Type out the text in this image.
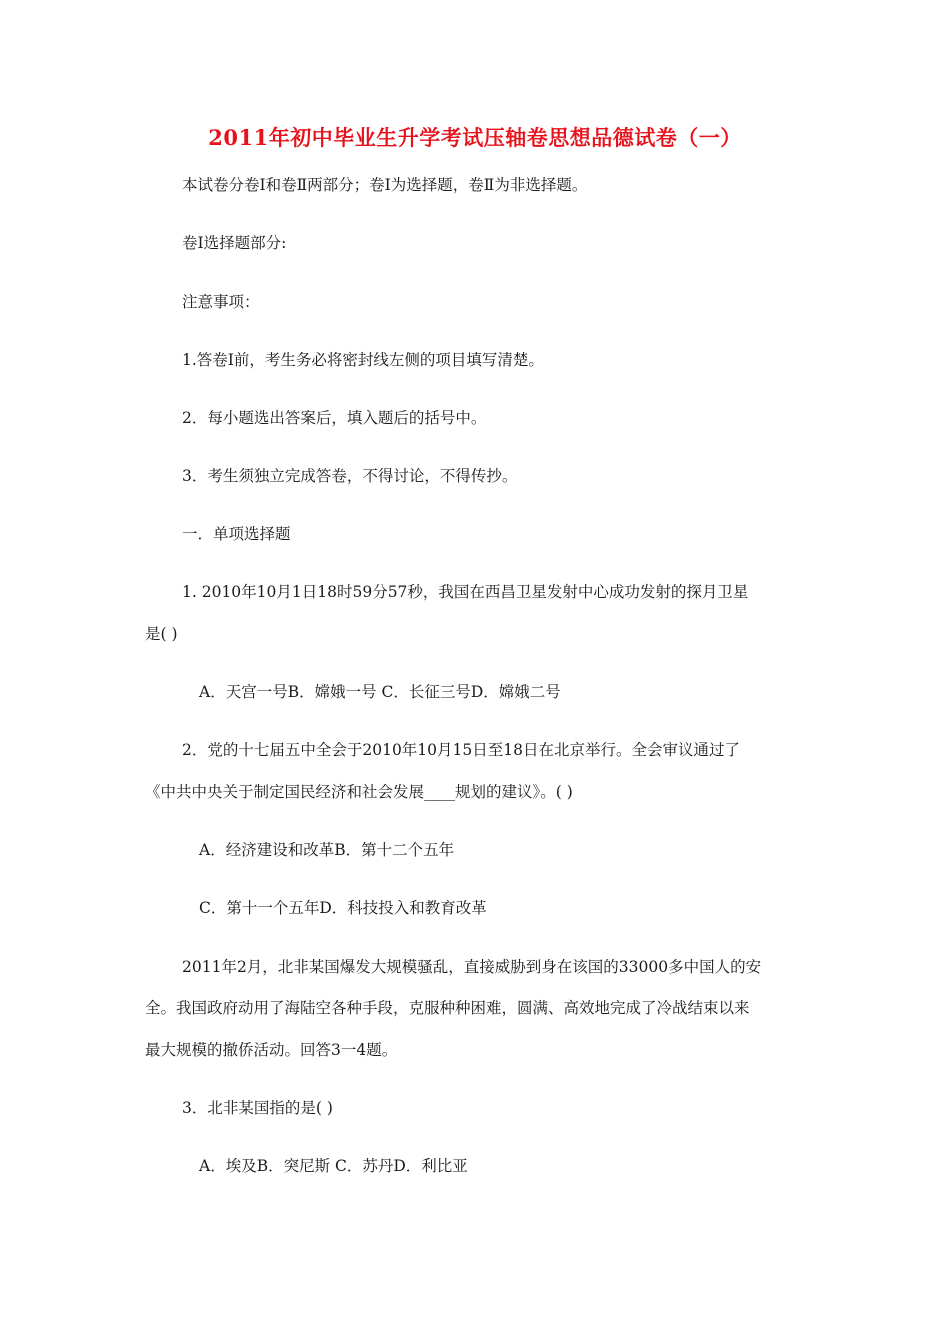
2011年初中毕业生升学考试压轴卷思想品德试卷（一）
本试卷分卷Ⅰ和卷Ⅱ两部分；卷Ⅰ为选择题，卷Ⅱ为非选择题。
卷Ⅰ选择题部分:
注意事项：
1.答卷Ⅰ前，考生务必将密封线左侧的项目填写清楚。
2．每小题选出答案后，填入题后的括号中。
3．考生须独立完成答卷，不得讨论，不得传抄。
一．单项选择题
1. 2010年10月1日18时59分57秒，我国在西昌卫星发射中心成功发射的探月卫星
是( )
A．天宫一号B．嫦娥一号 C．长征三号D．嫦娥二号
2．党的十七届五中全会于2010年10月15日至18日在北京举行。全会审议通过了
《中共中央关于制定国民经济和社会发展____规划的建议》。( )
A．经济建设和改革B．第十二个五年
C．第十一个五年D．科技投入和教育改革
2011年2月，北非某国爆发大规模骚乱，直接威胁到身在该国的33000多中国人的安
全。我国政府动用了海陆空各种手段，克服种种困难，圆满、高效地完成了冷战结束以来
最大规模的撤侨活动。回答3一4题。
3．北非某国指的是( )
A．埃及B．突尼斯 C．苏丹D．利比亚
